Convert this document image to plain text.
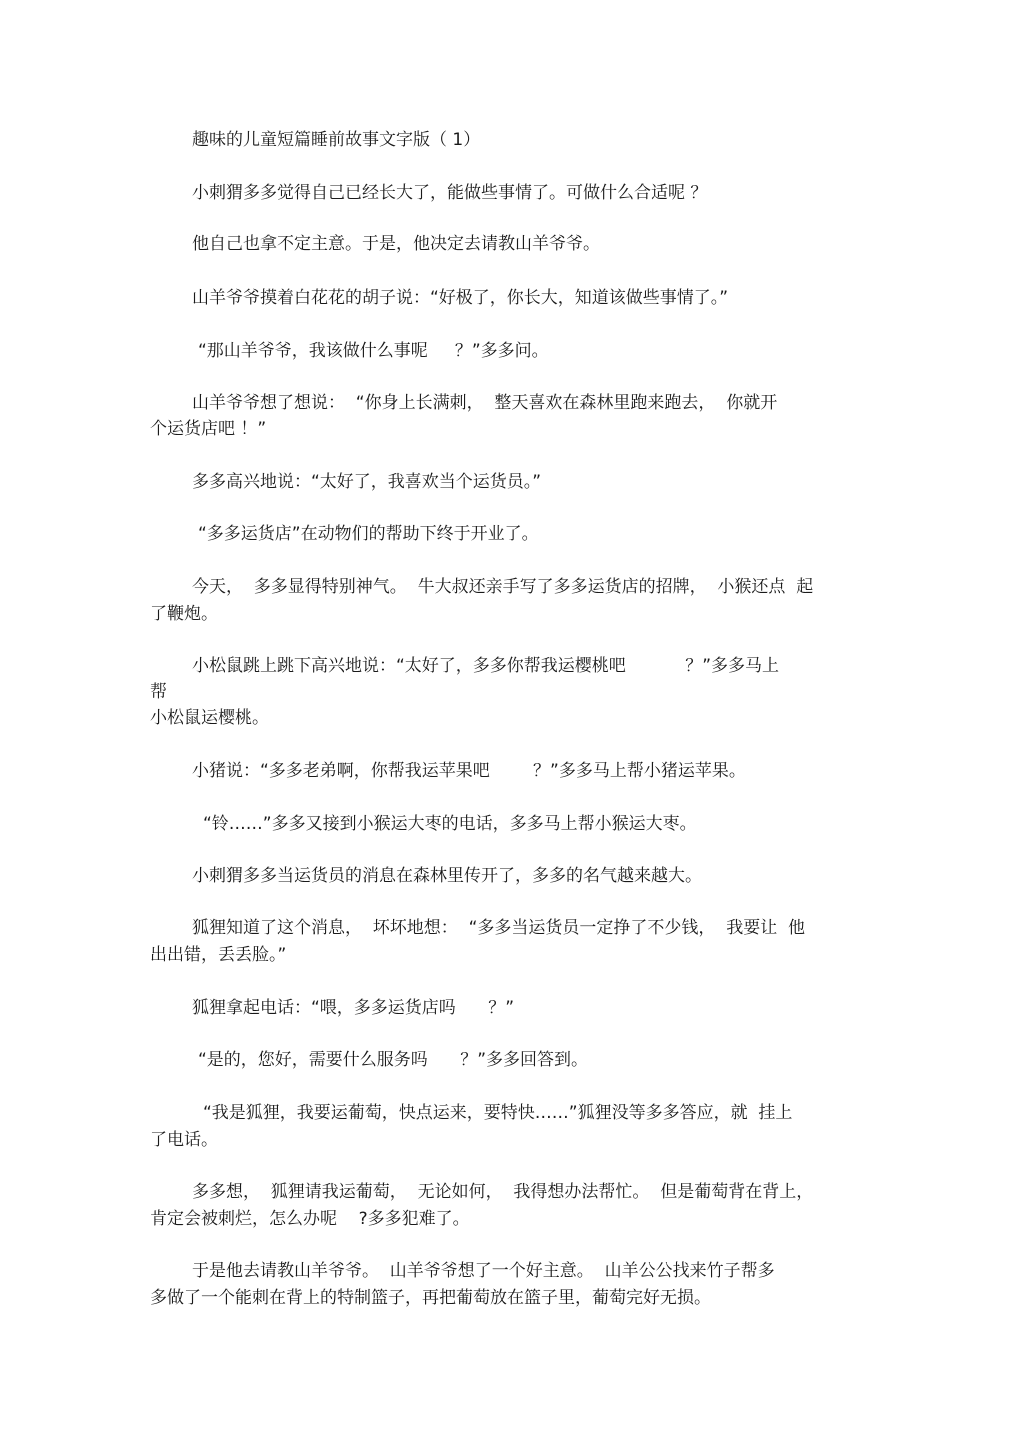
趣味的儿童短篇睡前故事文字版（ 1）
小刺猬多多觉得自己已经长大了，能做些事情了。可做什么合适呢 ？
他自己也拿不定主意。于是，他决定去请教山羊爷爷。
山羊爷爷摸着白花花的胡子说：“好极了，你长大，知道该做些事情了。”
“那山羊爷爷，我该做什么事呢     ？”多多问。
山羊爷爷想了想说：  “你身上长满刺，  整天喜欢在森林里跑来跑去，  你就开
个运货店吧 ！”
多多高兴地说：“太好了，我喜欢当个运货员。”
“多多运货店”在动物们的帮助下终于开业了。
今天，  多多显得特别神气。  牛大叔还亲手写了多多运货店的招牌，  小猴还点  起
了鞭炮。
小松鼠跳上跳下高兴地说：“太好了，多多你帮我运樱桃吧           ？”多多马上
帮
小松鼠运樱桃。
小猪说：“多多老弟啊，你帮我运苹果吧        ？”多多马上帮小猪运苹果。
“铃……”多多又接到小猴运大枣的电话，多多马上帮小猴运大枣。
小刺猬多多当运货员的消息在森林里传开了，多多的名气越来越大。
狐狸知道了这个消息，  坏坏地想：  “多多当运货员一定挣了不少钱，  我要让  他
出出错，丢丢脸。”
狐狸拿起电话：“喂，多多运货店吗      ？”
“是的，您好，需要什么服务吗      ？”多多回答到。
“我是狐狸，我要运葡萄，快点运来，要特快……”狐狸没等多多答应，就  挂上
了电话。
多多想，  狐狸请我运葡萄，  无论如何，  我得想办法帮忙。  但是葡萄背在背上，
肯定会被刺烂，怎么办呢    ?多多犯难了。
于是他去请教山羊爷爷。  山羊爷爷想了一个好主意。  山羊公公找来竹子帮多
多做了一个能刺在背上的特制篮子，再把葡萄放在篮子里，葡萄完好无损。
